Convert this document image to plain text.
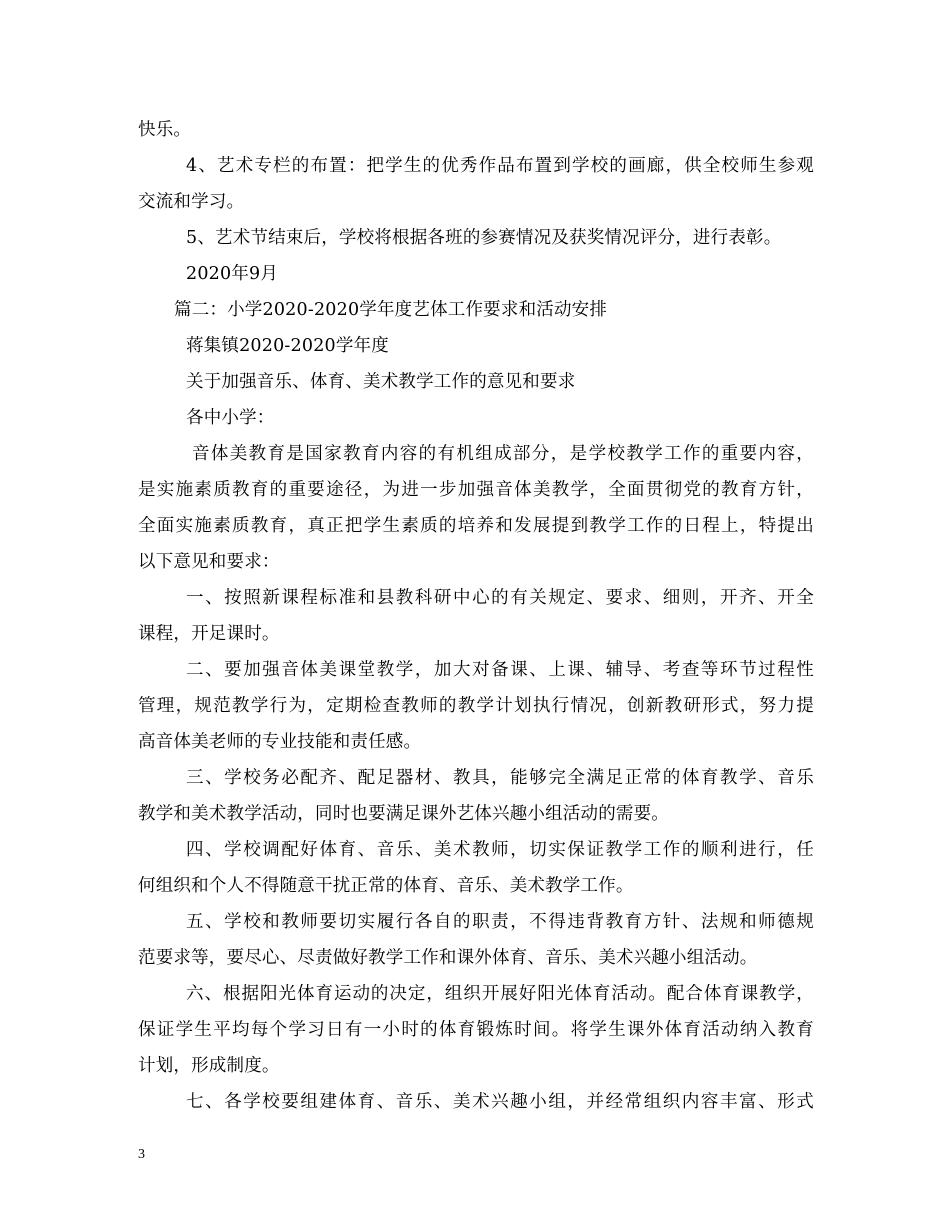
快乐。
4、艺术专栏的布置：把学生的优秀作品布置到学校的画廊，供全校师生参观
交流和学习。
5、艺术节结束后，学校将根据各班的参赛情况及获奖情况评分，进行表彰。
2020年9月
篇二：小学2020-2020学年度艺体工作要求和活动安排
蒋集镇2020-2020学年度
关于加强音乐、体育、美术教学工作的意见和要求
各中小学：
音体美教育是国家教育内容的有机组成部分，是学校教学工作的重要内容，
是实施素质教育的重要途径，为进一步加强音体美教学，全面贯彻党的教育方针，
全面实施素质教育，真正把学生素质的培养和发展提到教学工作的日程上，特提出
以下意见和要求：
一、按照新课程标准和县教科研中心的有关规定、要求、细则，开齐、开全
课程，开足课时。
二、要加强音体美课堂教学，加大对备课、上课、辅导、考查等环节过程性
管理，规范教学行为，定期检查教师的教学计划执行情况，创新教研形式，努力提
高音体美老师的专业技能和责任感。
三、学校务必配齐、配足器材、教具，能够完全满足正常的体育教学、音乐
教学和美术教学活动，同时也要满足课外艺体兴趣小组活动的需要。
四、学校调配好体育、音乐、美术教师，切实保证教学工作的顺利进行，任
何组织和个人不得随意干扰正常的体育、音乐、美术教学工作。
五、学校和教师要切实履行各自的职责，不得违背教育方针、法规和师德规
范要求等，要尽心、尽责做好教学工作和课外体育、音乐、美术兴趣小组活动。
六、根据阳光体育运动的决定，组织开展好阳光体育活动。配合体育课教学，
保证学生平均每个学习日有一小时的体育锻炼时间。将学生课外体育活动纳入教育
计划，形成制度。
七、各学校要组建体育、音乐、美术兴趣小组，并经常组织内容丰富、形式
3
